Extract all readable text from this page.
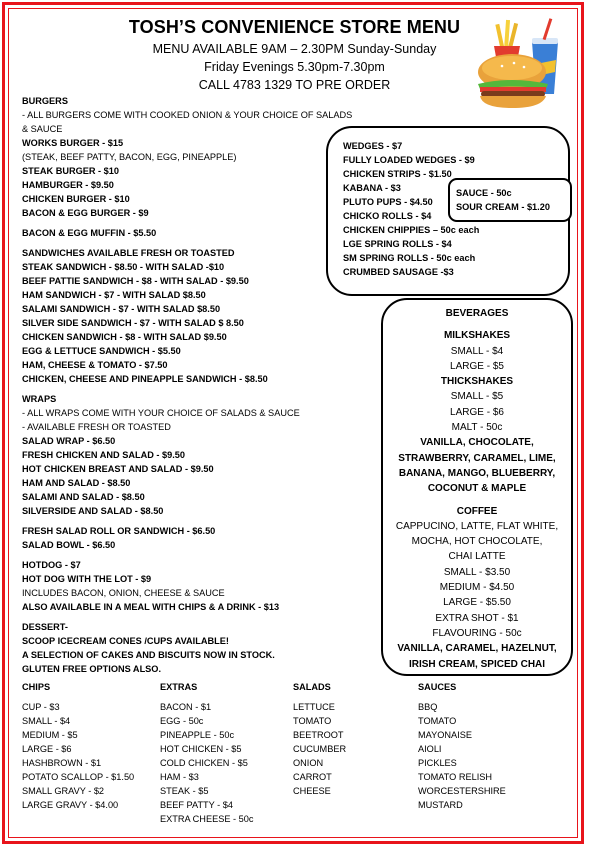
TOSH’S CONVENIENCE STORE MENU
MENU AVAILABLE 9AM – 2.30PM Sunday-Sunday
Friday Evenings 5.30pm-7.30pm
CALL 4783 1329 TO PRE ORDER
BURGERS
- ALL BURGERS COME WITH COOKED ONION & YOUR CHOICE OF SALADS
& SAUCE
WORKS BURGER - $15
(STEAK, BEEF PATTY, BACON, EGG, PINEAPPLE)
STEAK BURGER - $10
HAMBURGER - $9.50
CHICKEN BURGER - $10
BACON & EGG BURGER - $9
BACON & EGG MUFFIN - $5.50
SANDWICHES AVAILABLE FRESH OR TOASTED
STEAK SANDWICH - $8.50 - WITH SALAD -$10
BEEF PATTIE SANDWICH - $8 - WITH SALAD - $9.50
HAM SANDWICH - $7 - WITH SALAD $8.50
SALAMI SANDWICH - $7 - WITH SALAD $8.50
SILVER SIDE SANDWICH - $7 - WITH SALAD $ 8.50
CHICKEN SANDWICH - $8 - WITH SALAD $9.50
EGG & LETTUCE SANDWICH - $5.50
HAM, CHEESE & TOMATO - $7.50
CHICKEN, CHEESE AND PINEAPPLE SANDWICH - $8.50
WRAPS
- ALL WRAPS COME WITH YOUR CHOICE OF SALADS & SAUCE
- AVAILABLE FRESH OR TOASTED
SALAD WRAP - $6.50
FRESH CHICKEN AND SALAD - $9.50
HOT CHICKEN BREAST AND SALAD - $9.50
HAM AND SALAD - $8.50
SALAMI AND SALAD - $8.50
SILVERSIDE AND SALAD - $8.50
FRESH SALAD ROLL OR SANDWICH - $6.50
SALAD BOWL - $6.50
HOTDOG - $7
HOT DOG WITH THE LOT - $9
INCLUDES BACON, ONION, CHEESE & SAUCE
ALSO AVAILABLE IN A MEAL WITH CHIPS & A DRINK - $13
DESSERT-
SCOOP ICECREAM CONES /CUPS AVAILABLE!
A SELECTION OF CAKES AND BISCUITS NOW IN STOCK.
GLUTEN FREE OPTIONS ALSO.
WEDGES - $7
FULLY LOADED WEDGES - $9
CHICKEN STRIPS - $1.50
KABANA - $3
PLUTO PUPS - $4.50
CHICKO ROLLS - $4
CHICKEN CHIPPIES – 50c each
LGE SPRING ROLLS - $4
SM SPRING ROLLS - 50c each
CRUMBED SAUSAGE -$3
SAUCE - 50c
SOUR CREAM - $1.20
BEVERAGES
MILKSHAKES
SMALL - $4
LARGE - $5
THICKSHAKES
SMALL - $5
LARGE - $6
MALT - 50c
VANILLA, CHOCOLATE,
STRAWBERRY, CARAMEL, LIME,
BANANA, MANGO, BLUEBERRY,
COCONUT & MAPLE
COFFEE
CAPPUCINO, LATTE, FLAT WHITE,
MOCHA, HOT CHOCOLATE,
CHAI LATTE
SMALL - $3.50
MEDIUM - $4.50
LARGE - $5.50
EXTRA SHOT - $1
FLAVOURING - 50c
VANILLA, CARAMEL, HAZELNUT,
IRISH CREAM, SPICED CHAI
CHIPS
CUP - $3
SMALL - $4
MEDIUM - $5
LARGE - $6
HASHBROWN - $1
POTATO SCALLOP - $1.50
SMALL GRAVY - $2
LARGE GRAVY - $4.00
EXTRAS
BACON - $1
EGG - 50c
PINEAPPLE - 50c
HOT CHICKEN - $5
COLD CHICKEN - $5
HAM - $3
STEAK - $5
BEEF PATTY - $4
EXTRA CHEESE - 50c
SALADS
LETTUCE
TOMATO
BEETROOT
CUCUMBER
ONION
CARROT
CHEESE
SAUCES
BBQ
TOMATO
MAYONAISE
AIOLI
PICKLES
TOMATO RELISH
WORCESTERSHIRE
MUSTARD
